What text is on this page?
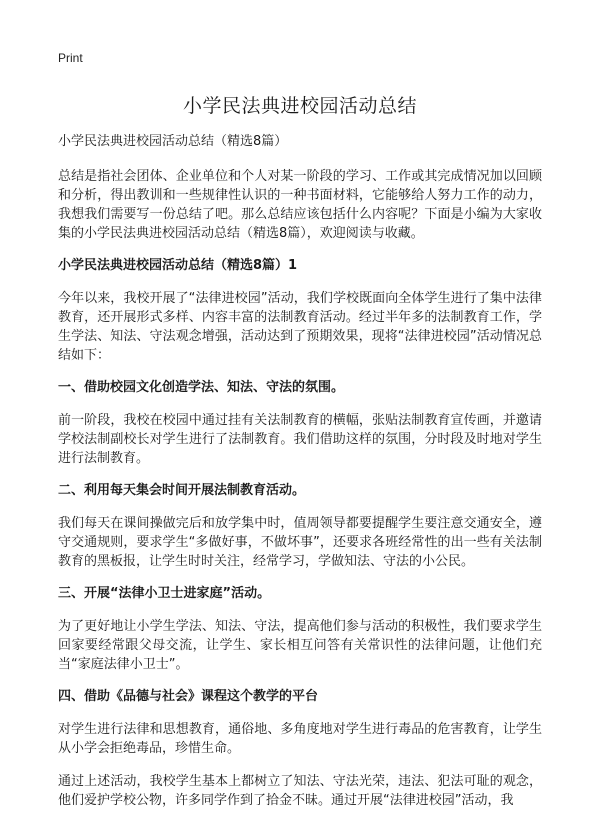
Print
小学民法典进校园活动总结
小学民法典进校园活动总结（精选8篇）

总结是指社会团体、企业单位和个人对某一阶段的学习、工作或其完成情况加以回顾和分析，得出教训和一些规律性认识的一种书面材料，它能够给人努力工作的动力，我想我们需要写一份总结了吧。那么总结应该包括什么内容呢？下面是小编为大家收集的小学民法典进校园活动总结（精选8篇），欢迎阅读与收藏。

小学民法典进校园活动总结（精选8篇）1

今年以来，我校开展了“法律进校园”活动，我们学校既面向全体学生进行了集中法律教育，还开展形式多样、内容丰富的法制教育活动。经过半年多的法制教育工作，学生学法、知法、守法观念增强，活动达到了预期效果，现将“法律进校园”活动情况总结如下：

一、借助校园文化创造学法、知法、守法的氛围。

前一阶段，我校在校园中通过挂有关法制教育的横幅，张贴法制教育宣传画，并邀请学校法制副校长对学生进行了法制教育。我们借助这样的氛围，分时段及时地对学生进行法制教育。

二、利用每天集会时间开展法制教育活动。

我们每天在课间操做完后和放学集中时，值周领导都要提醒学生要注意交通安全，遵守交通规则，要求学生“多做好事，不做坏事”，还要求各班经常性的出一些有关法制教育的黑板报，让学生时时关注，经常学习，学做知法、守法的小公民。

三、开展“法律小卫士进家庭”活动。

为了更好地让小学生学法、知法、守法，提高他们参与活动的积极性，我们要求学生回家要经常跟父母交流，让学生、家长相互问答有关常识性的法律问题，让他们充当“家庭法律小卫士”。

四、借助《品德与社会》课程这个教学的平台

对学生进行法律和思想教育，通俗地、多角度地对学生进行毒品的危害教育，让学生从小学会拒绝毒品，珍惜生命。

通过上述活动，我校学生基本上都树立了知法、守法光荣，违法、犯法可耻的观念，他们爱护学校公物，许多同学作到了拾金不昧。通过开展“法律进校园”活动，我
